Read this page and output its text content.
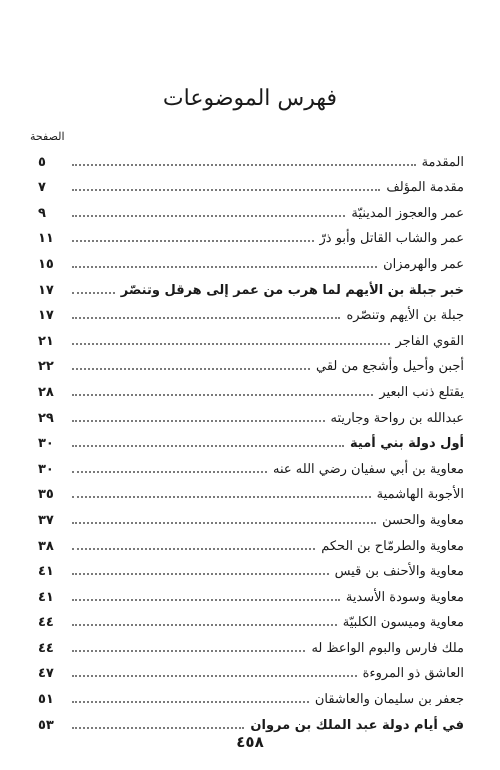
فهرس الموضوعات
الصفحة
المقدمة
٥
مقدمة المؤلف
٧
عمر والعجوز المدينيّة
٩
عمر والشاب القاتل وأبو ذرّ
١١
عمر والهرمزان
١٥
خبر جبلة بن الأيهم لما هرب من عمر إلى هرقل وتنصّر
١٧
جبلة بن الأيهم وتنصّره
١٧
القوي الفاجر
٢١
أجبن وأحيل وأشجع من لقي
٢٢
يقتلع ذنب البعير
٢٨
عبدالله بن رواحة وجاريته
٢٩
أول دولة بني أمية
٣٠
معاوية بن أبي سفيان رضي الله عنه
٣٠
الأجوبة الهاشمية
٣٥
معاوية والحسن
٣٧
معاوية والطرمّاح بن الحكم
٣٨
معاوية والأحنف بن قيس
٤١
معاوية وسودة الأسدية
٤١
معاوية وميسون الكلبيّة
٤٤
ملك فارس والبوم الواعظ له
٤٤
العاشق ذو المروءة
٤٧
جعفر بن سليمان والعاشقان
٥١
في أيام دولة عبد الملك بن مروان
٥٣
٤٥٨
